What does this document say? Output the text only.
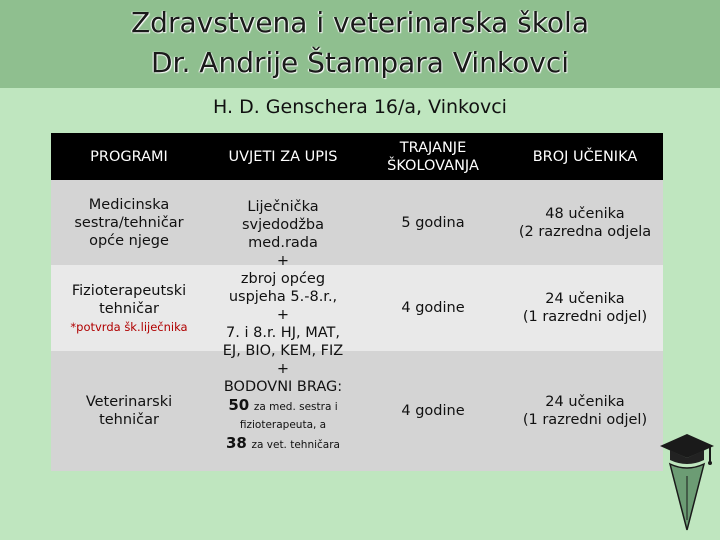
Zdravstvena i veterinarska škola
Dr. Andrije Štampara Vinkovci
H. D. Genschera 16/a, Vinkovci
PROGRAMI	UVJETI ZA UPIS
TRAJANJE ŠKOLOVANJA
BROJ UČENIKA
Medicinska sestra/tehničar opće njege
5 godina
48 učenika
(2 razredna odjela
Fizioterapeutski tehničar
*potvrda šk.liječnika
4 godine
24 učenika
(1 razredni odjel)
Veterinarski tehničar
4 godine
24 učenika
(1 razredni odjel)
Liječnička
svjedodžba
med.rada
+
zbroj općeg
uspjeha 5.-8.r.,
+
7. i 8.r. HJ, MAT,
EJ, BIO, KEM, FIZ
+
BODOVNI BRAG:
50 za med. sestra i
fizioterapeuta, a
38 za vet. tehničara
